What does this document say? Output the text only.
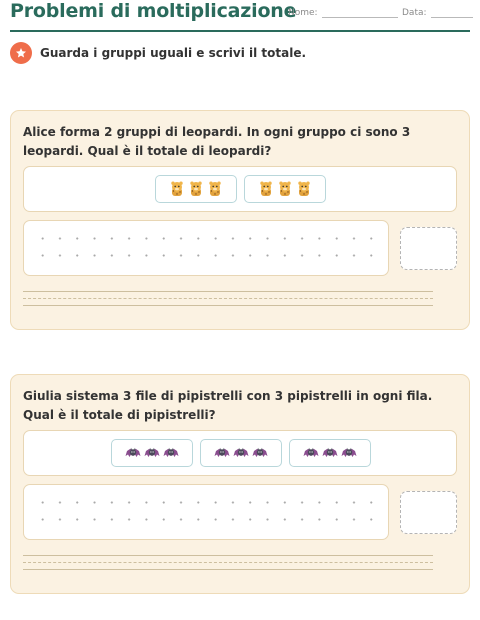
Problemi di moltiplicazione
Nome:	Data:
Guarda i gruppi uguali e scrivi il totale.
Alice forma 2 gruppi di leopardi. In ogni gruppo ci sono 3 leopardi. Qual è il totale di leopardi?
Giulia sistema 3 file di pipistrelli con 3 pipistrelli in ogni fila. Qual è il totale di pipistrelli?
